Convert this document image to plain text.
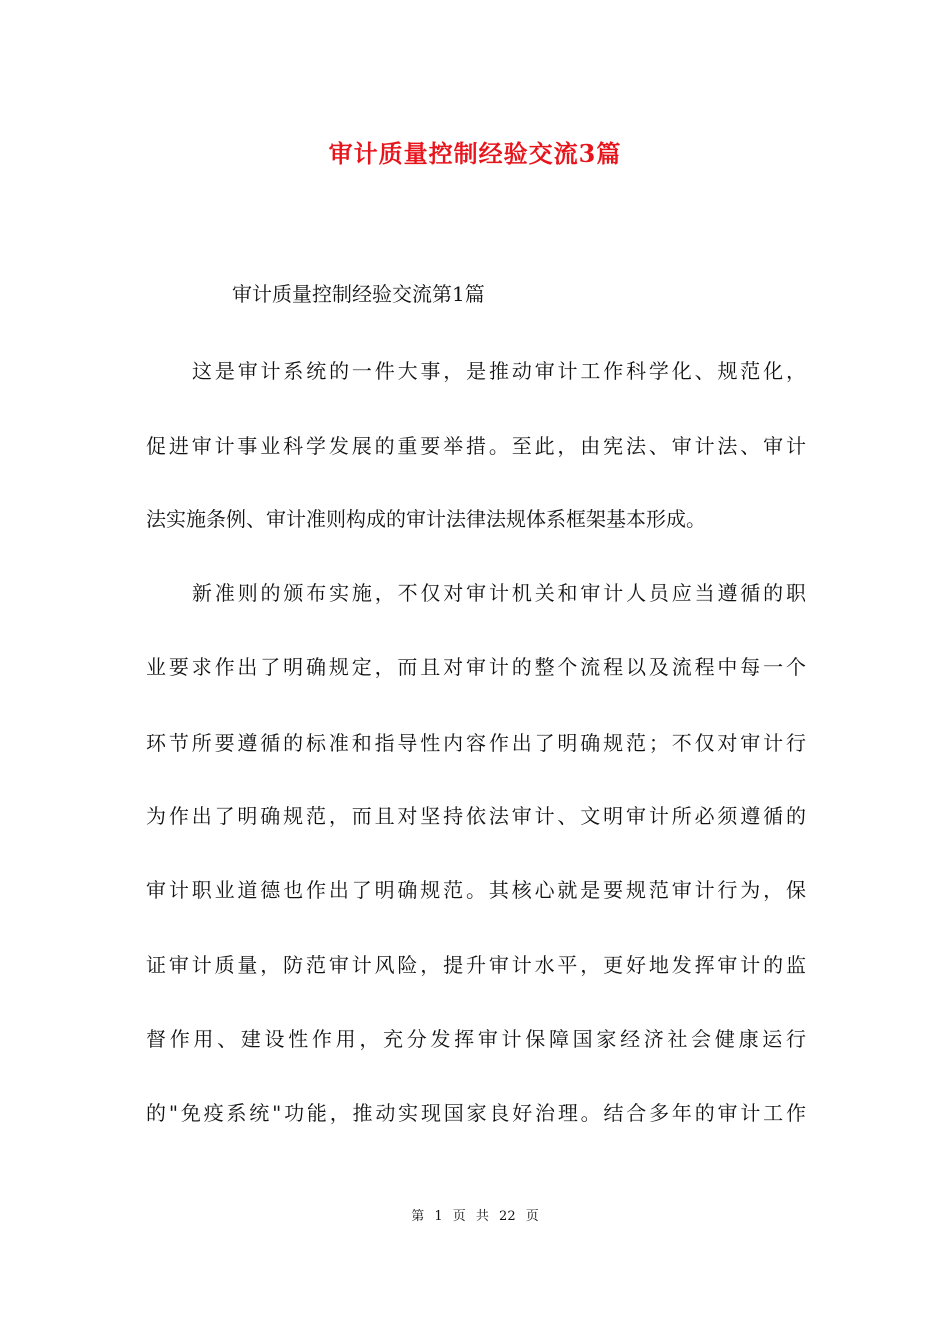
审计质量控制经验交流3篇
审计质量控制经验交流第1篇
这是审计系统的一件大事，是推动审计工作科学化、规范化，
促进审计事业科学发展的重要举措。至此，由宪法、审计法、审计
法实施条例、审计准则构成的审计法律法规体系框架基本形成。
新准则的颁布实施，不仅对审计机关和审计人员应当遵循的职
业要求作出了明确规定，而且对审计的整个流程以及流程中每一个
环节所要遵循的标准和指导性内容作出了明确规范；不仅对审计行
为作出了明确规范，而且对坚持依法审计、文明审计所必须遵循的
审计职业道德也作出了明确规范。其核心就是要规范审计行为，保
证审计质量，防范审计风险，提升审计水平，更好地发挥审计的监
督作用、建设性作用，充分发挥审计保障国家经济社会健康运行
的"免疫系统"功能，推动实现国家良好治理。结合多年的审计工作
第 1 页 共 22 页
